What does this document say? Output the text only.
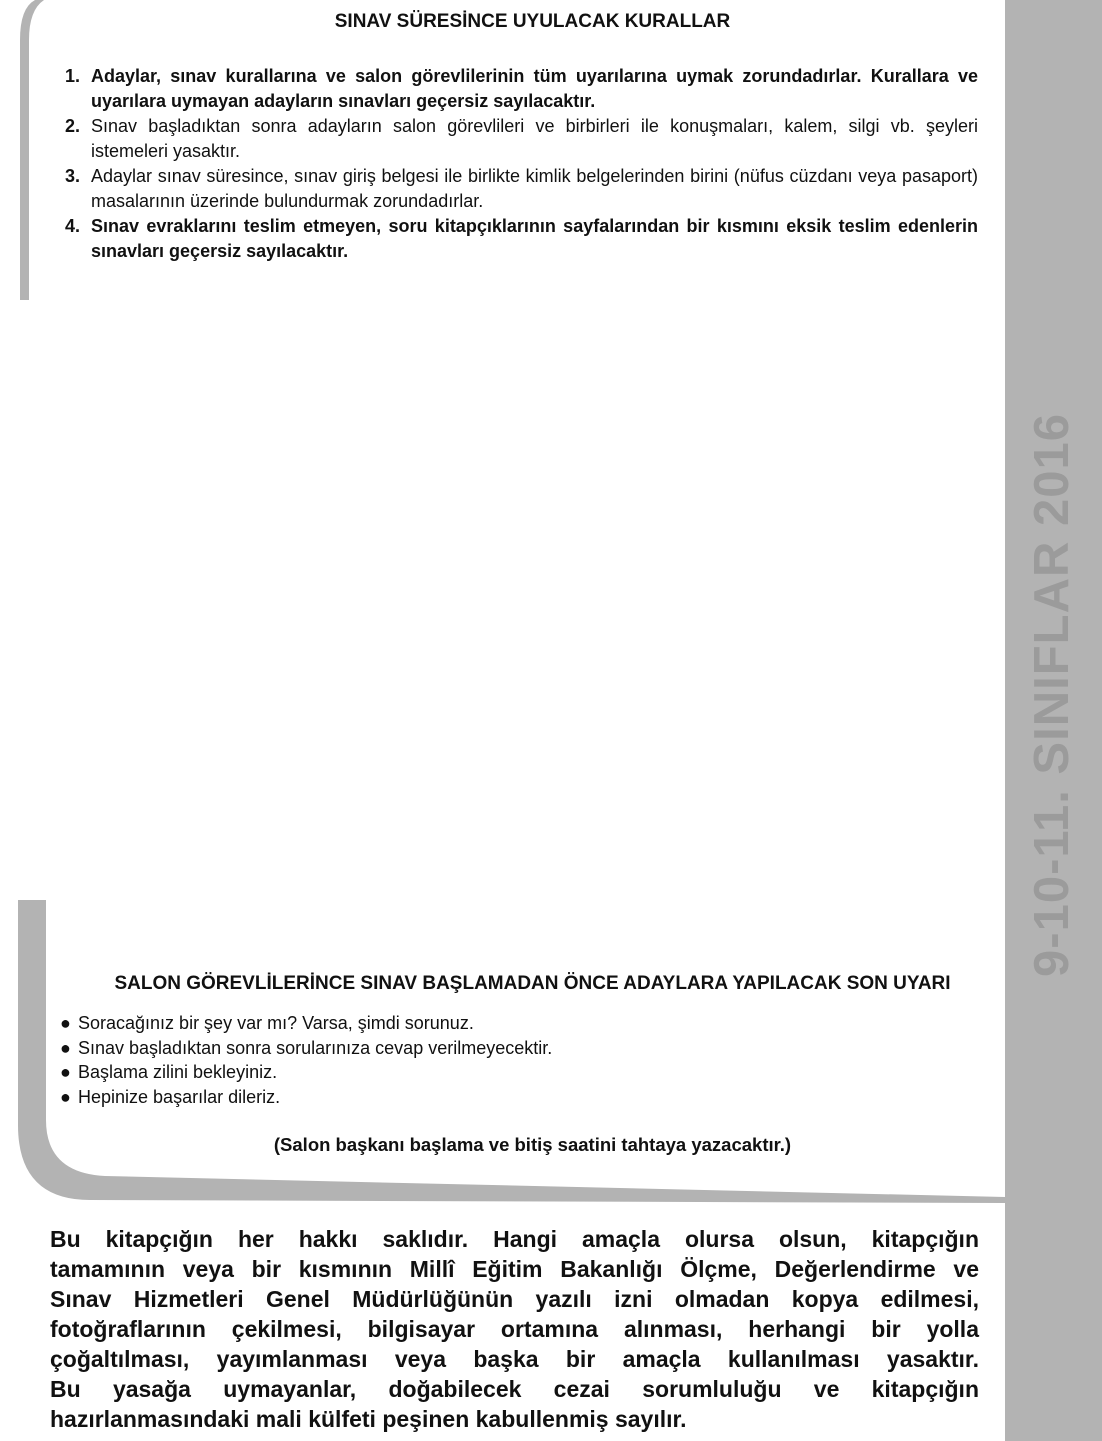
9-10-11. SINIFLAR 2016
SINAV SÜRESİNCE UYULACAK KURALLAR
1. Adaylar, sınav kurallarına ve salon görevlilerinin tüm uyarılarına uymak zorundadırlar. Kurallara ve uyarılara uymayan adayların sınavları geçersiz sayılacaktır.
2. Sınav başladıktan sonra adayların salon görevlileri ve birbirleri ile konuşmaları, kalem, silgi vb. şeyleri istemeleri yasaktır.
3. Adaylar sınav süresince, sınav giriş belgesi ile birlikte kimlik belgelerinden birini (nüfus cüzdanı veya pasaport) masalarının üzerinde bulundurmak zorundadırlar.
4. Sınav evraklarını teslim etmeyen, soru kitapçıklarının sayfalarından bir kısmını eksik teslim edenlerin sınavları geçersiz sayılacaktır.
SALON GÖREVLİLERİNCE SINAV BAŞLAMADAN ÖNCE ADAYLARA YAPILACAK SON UYARI
● Soracağınız bir şey var mı? Varsa, şimdi sorunuz.
● Sınav başladıktan sonra sorularınıza cevap verilmeyecektir.
● Başlama zilini bekleyiniz.
● Hepinize başarılar dileriz.
(Salon başkanı başlama ve bitiş saatini tahtaya yazacaktır.)
Bu kitapçığın her hakkı saklıdır. Hangi amaçla olursa olsun, kitapçığın
tamamının veya bir kısmının Millî Eğitim Bakanlığı Ölçme, Değerlendirme ve
Sınav Hizmetleri Genel Müdürlüğünün yazılı izni olmadan kopya edilmesi,
fotoğraflarının çekilmesi, bilgisayar ortamına alınması, herhangi bir yolla
çoğaltılması, yayımlanması veya başka bir amaçla kullanılması yasaktır.
Bu yasağa uymayanlar, doğabilecek cezai sorumluluğu ve kitapçığın
hazırlanmasındaki mali külfeti peşinen kabullenmiş sayılır.
